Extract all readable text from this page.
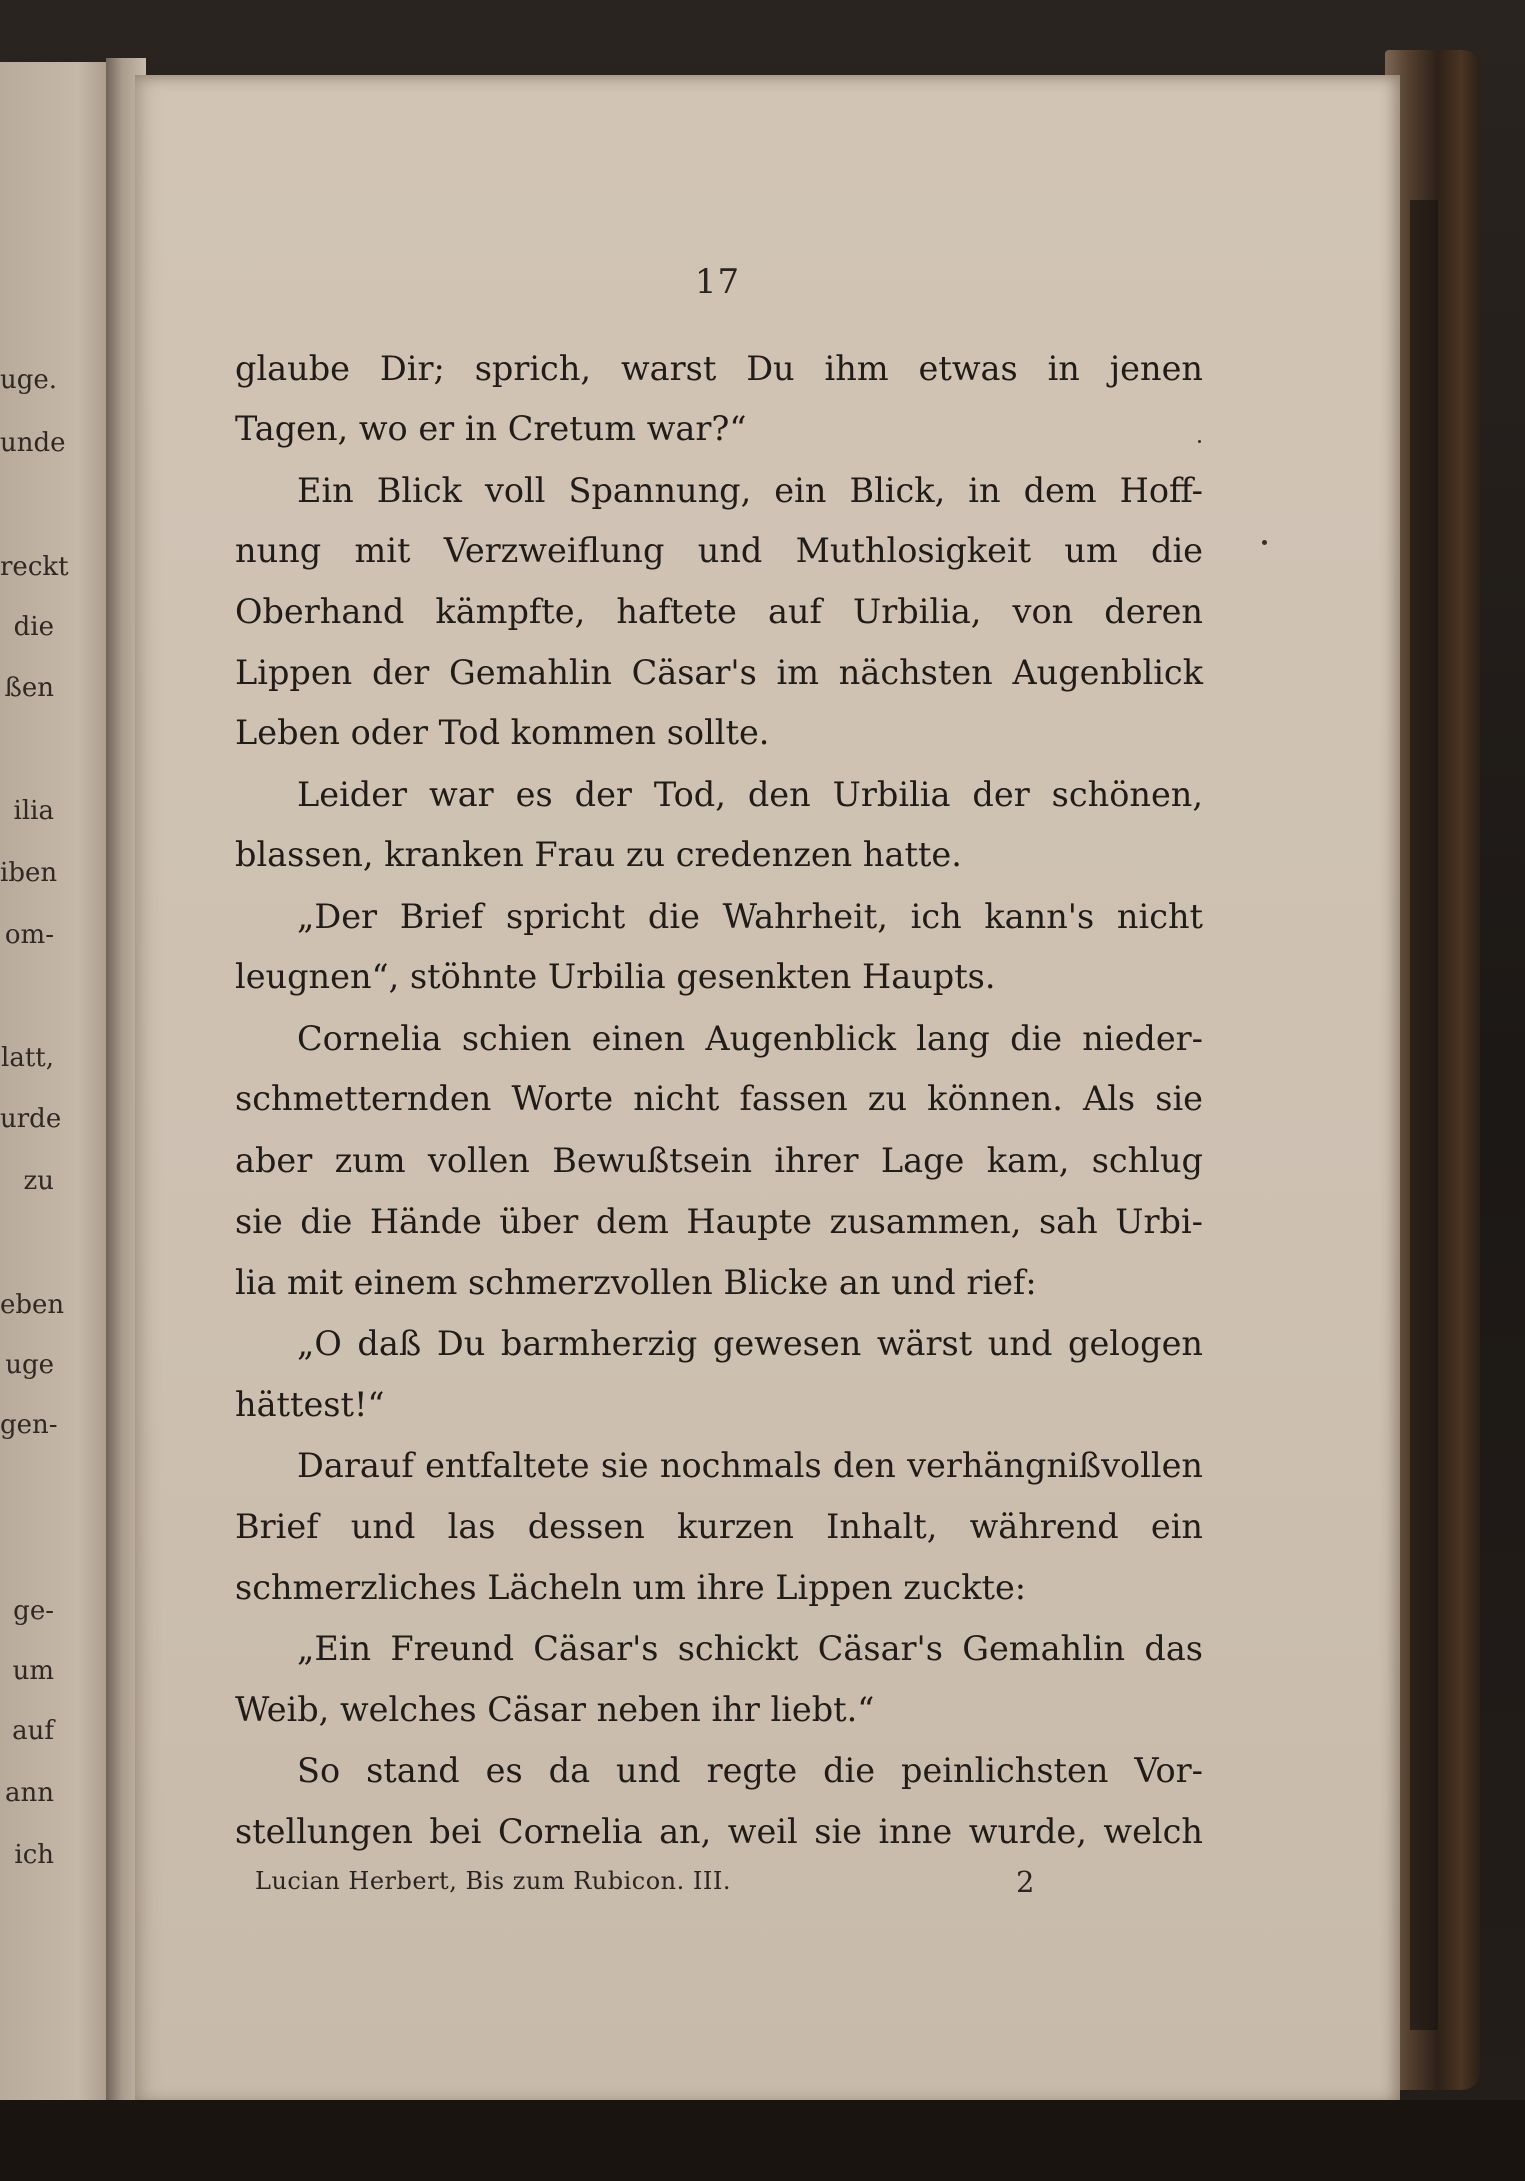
uge.
unde
reckt
die
ßen
ilia
iben
om-
latt,
urde
zu
eben
uge
gen-
ge-
um
auf
ann
ich
17
glaube Dir; sprich, warst Du ihm etwas in jenen
Tagen, wo er in Cretum war?“
Ein Blick voll Spannung, ein Blick, in dem Hoff-
nung mit Verzweiflung und Muthlosigkeit um die
Oberhand kämpfte, haftete auf Urbilia, von deren
Lippen der Gemahlin Cäsar's im nächsten Augenblick
Leben oder Tod kommen sollte.
Leider war es der Tod, den Urbilia der schönen,
blassen, kranken Frau zu credenzen hatte.
„Der Brief spricht die Wahrheit, ich kann's nicht
leugnen“, stöhnte Urbilia gesenkten Haupts.
Cornelia schien einen Augenblick lang die nieder-
schmetternden Worte nicht fassen zu können. Als sie
aber zum vollen Bewußtsein ihrer Lage kam, schlug
sie die Hände über dem Haupte zusammen, sah Urbi-
lia mit einem schmerzvollen Blicke an und rief:
„O daß Du barmherzig gewesen wärst und gelogen
hättest!“
Darauf entfaltete sie nochmals den verhängnißvollen
Brief und las dessen kurzen Inhalt, während ein
schmerzliches Lächeln um ihre Lippen zuckte:
„Ein Freund Cäsar's schickt Cäsar's Gemahlin das
Weib, welches Cäsar neben ihr liebt.“
So stand es da und regte die peinlichsten Vor-
stellungen bei Cornelia an, weil sie inne wurde, welch
Lucian Herbert, Bis zum Rubicon. III.	2
